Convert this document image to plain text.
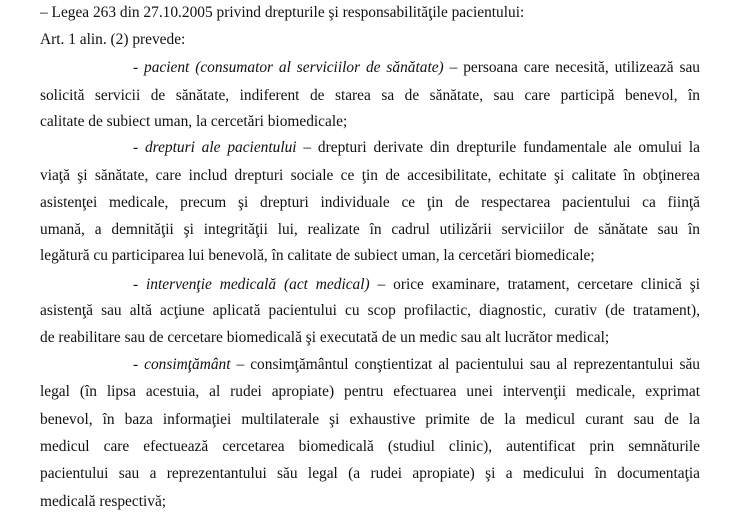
– Legea 263 din 27.10.2005 privind drepturile şi responsabilităţile pacientului:
Art. 1 alin. (2) prevede:
- pacient (consumator al serviciilor de sănătate) – persoana care necesită, utilizează sau
solicită servicii de sănătate, indiferent de starea sa de sănătate, sau care participă benevol, în
calitate de subiect uman, la cercetări biomedicale;
- drepturi ale pacientului – drepturi derivate din drepturile fundamentale ale omului la
viaţă şi sănătate, care includ drepturi sociale ce ţin de accesibilitate, echitate şi calitate în obţinerea
asistenţei medicale, precum şi drepturi individuale ce ţin de respectarea pacientului ca fiinţă
umană, a demnităţii şi integrităţii lui, realizate în cadrul utilizării serviciilor de sănătate sau în
legătură cu participarea lui benevolă, în calitate de subiect uman, la cercetări biomedicale;
- intervenţie medicală (act medical) – orice examinare, tratament, cercetare clinică şi
asistenţă sau altă acţiune aplicată pacientului cu scop profilactic, diagnostic, curativ (de tratament),
de reabilitare sau de cercetare biomedicală şi executată de un medic sau alt lucrător medical;
- consimţământ – consimţământul conştientizat al pacientului sau al reprezentantului său
legal (în lipsa acestuia, al rudei apropiate) pentru efectuarea unei intervenţii medicale, exprimat
benevol, în baza informaţiei multilaterale şi exhaustive primite de la medicul curant sau de la
medicul care efectuează cercetarea biomedicală (studiul clinic), autentificat prin semnăturile
pacientului sau a reprezentantului său legal (a rudei apropiate) şi a medicului în documentaţia
medicală respectivă;
